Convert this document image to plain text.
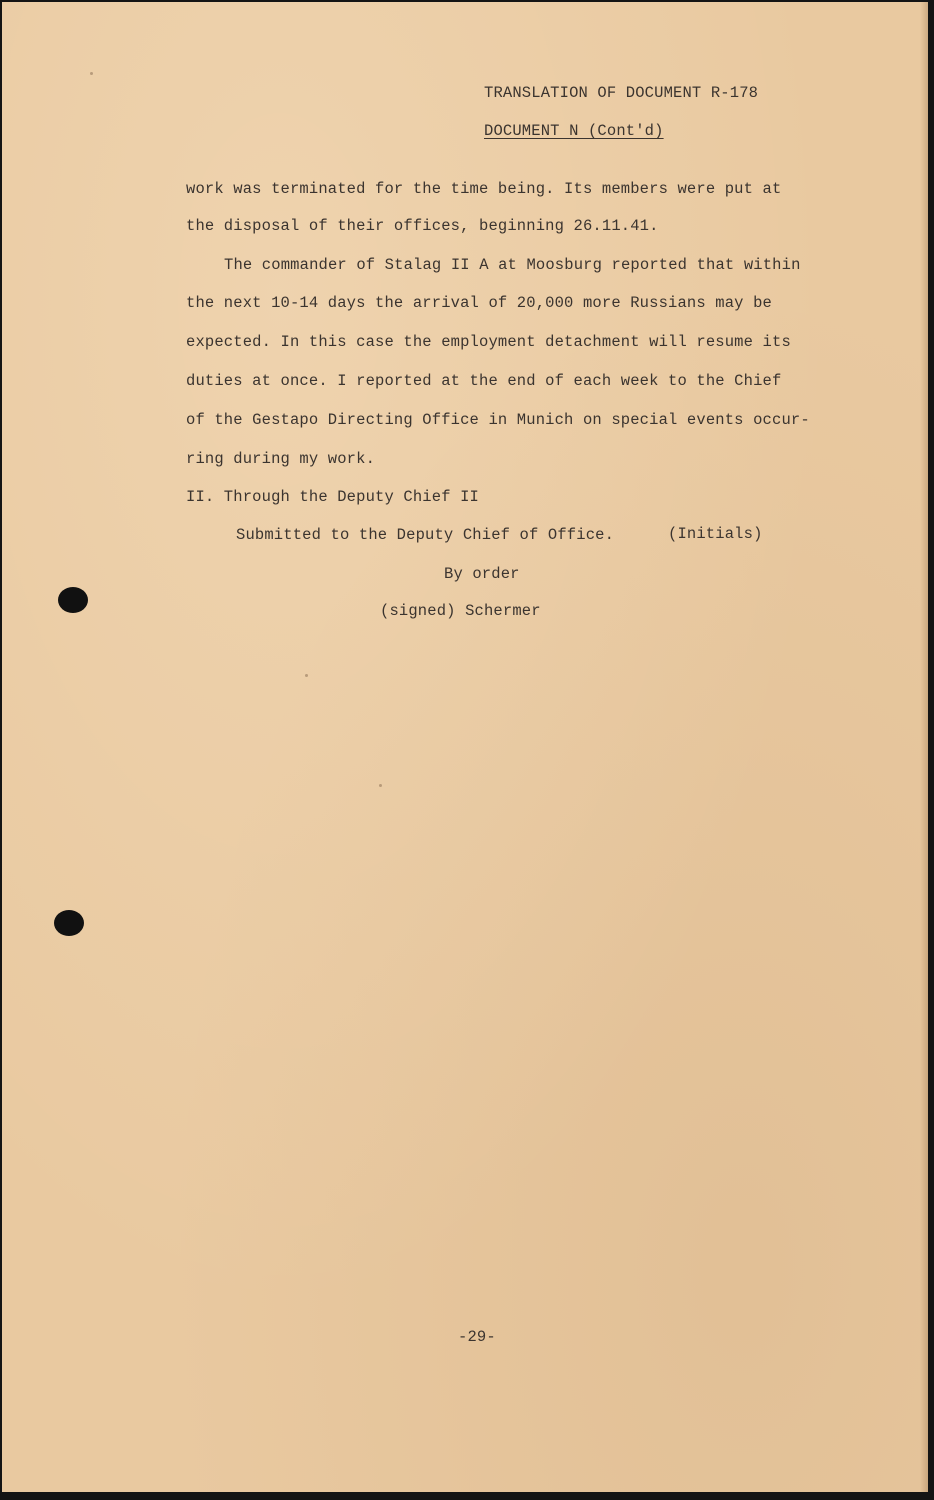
TRANSLATION OF DOCUMENT R-178

DOCUMENT N (Cont'd)

work was terminated for the time being. Its members were put at

the disposal of their offices, beginning 26.11.41.

The commander of Stalag II A at Moosburg reported that within

the next 10-14 days the arrival of 20,000 more Russians may be

expected. In this case the employment detachment will resume its

duties at once. I reported at the end of each week to the Chief

of the Gestapo Directing Office in Munich on special events occur-

ring during my work.

II. Through the Deputy Chief II

Submitted to the Deputy Chief of Office.	(Initials)

By order

(signed) Schermer

-29-
